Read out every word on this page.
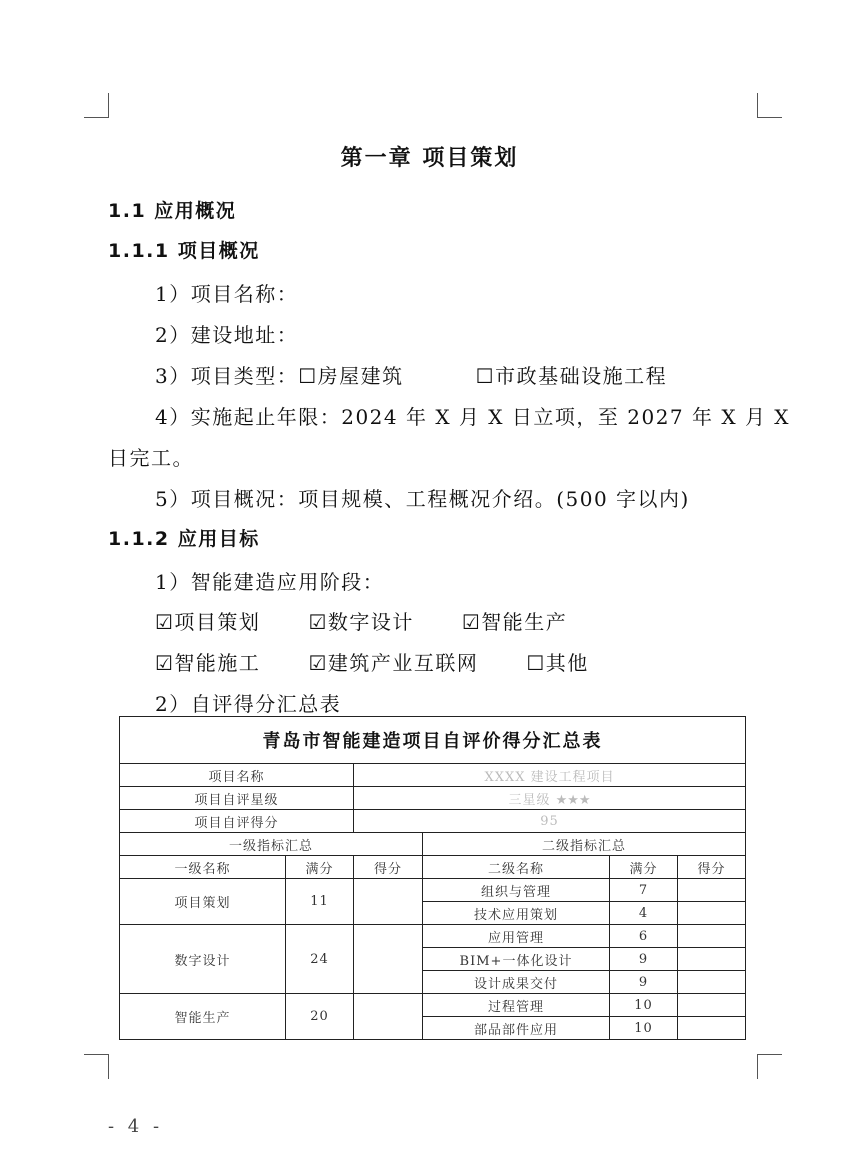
第一章 项目策划
1.1 应用概况
1.1.1 项目概况
1）项目名称：
2）建设地址：
3）项目类型：☐房屋建筑	☐市政基础设施工程
4）实施起止年限：2024 年 X 月 X 日立项，至 2027 年 X 月 X
日完工。
5）项目概况：项目规模、工程概况介绍。(500 字以内)
1.1.2 应用目标
1）智能建造应用阶段：
☑项目策划 ☑数字设计 ☑智能生产
☑智能施工 ☑建筑产业互联网 ☐其他
2）自评得分汇总表
青岛市智能建造项目自评价得分汇总表					
项目名称		XXXX 建设工程项目			
项目自评星级		三星级 ★★★			
项目自评得分		95			
一级指标汇总			二级指标汇总		
一级名称	满分	得分	二级名称	满分	得分
项目策划	11		组织与管理	7	
			技术应用策划	4	
数字设计	24		应用管理	6	
			BIM+一体化设计	9	
			设计成果交付	9	
智能生产	20		过程管理	10	
			部品部件应用	10	
- 4 -
